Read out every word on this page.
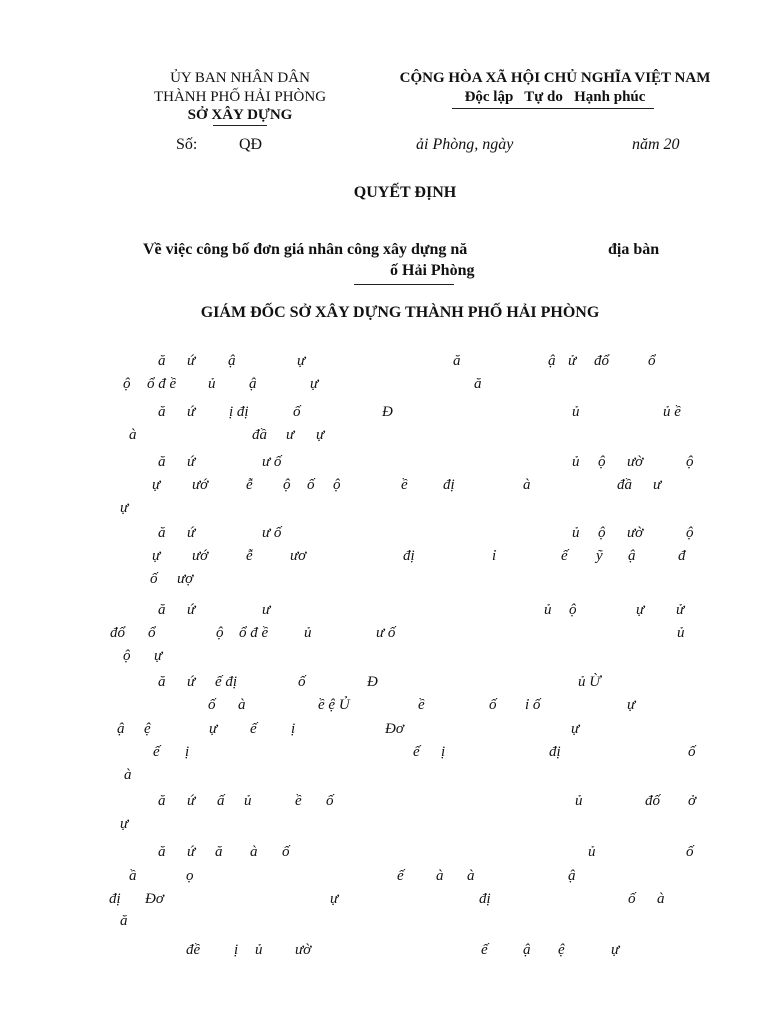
ỦY BAN NHÂN DÂN
THÀNH PHỐ HẢI PHÒNG
SỞ XÂY DỰNG
CỘNG HÒA XÃ HỘI CHỦ NGHĨA VIỆT NAM
Độc lập   Tự do   Hạnh phúc
Số:	QĐ	ải Phòng, ngày	năm 20
QUYẾT ĐỊNH
Về việc công bố đơn giá nhân công xây dựng nă	địa bàn
ố Hải Phòng
GIÁM ĐỐC SỞ XÂY DỰNG THÀNH PHỐ HẢI PHÒNG
ă ứ ậ	ự	ă	ậ ử đổ	ổ
ộ ổ đ ề ủ ậ	ự	ă
ă ứ ị đị	ố	Đ	ủ	ủ ề
à	đầ ư ự
ă ứ	ư ố	ủ ộ ườ	ộ
ự ướ	ễ ộ ố ộ	ề đị	à	đầ ư
ự
ă ứ	ư ố	ủ ộ ườ	ộ
ự ướ	ễ ươ	đị	ỉ	ế ỹ ậ	đ
ố ượ
ă ứ	ư	ủ ộ	ự ử
đổ ổ	ộ ổ đ ề ủ	ư ố	ủ
ộ ự
ă ứ ế đị	ố	Đ	ủ Ừ
ố à	ề ệ Ủ	ề	ố ỉ ố	ự
ậ ệ	ự ế ị	Đơ	ự
ế ị	ế ị	đị	ố
à
ă ứ ấ ủ	ề ố	ủ	đố ở
ự
ă ứ ă à ố	ủ	ố
ầ	ọ	ế à à	ậ
đị Đơ	ự	đị	ố à
ă
đề ị ủ ườ	ế ậ ệ	ự
